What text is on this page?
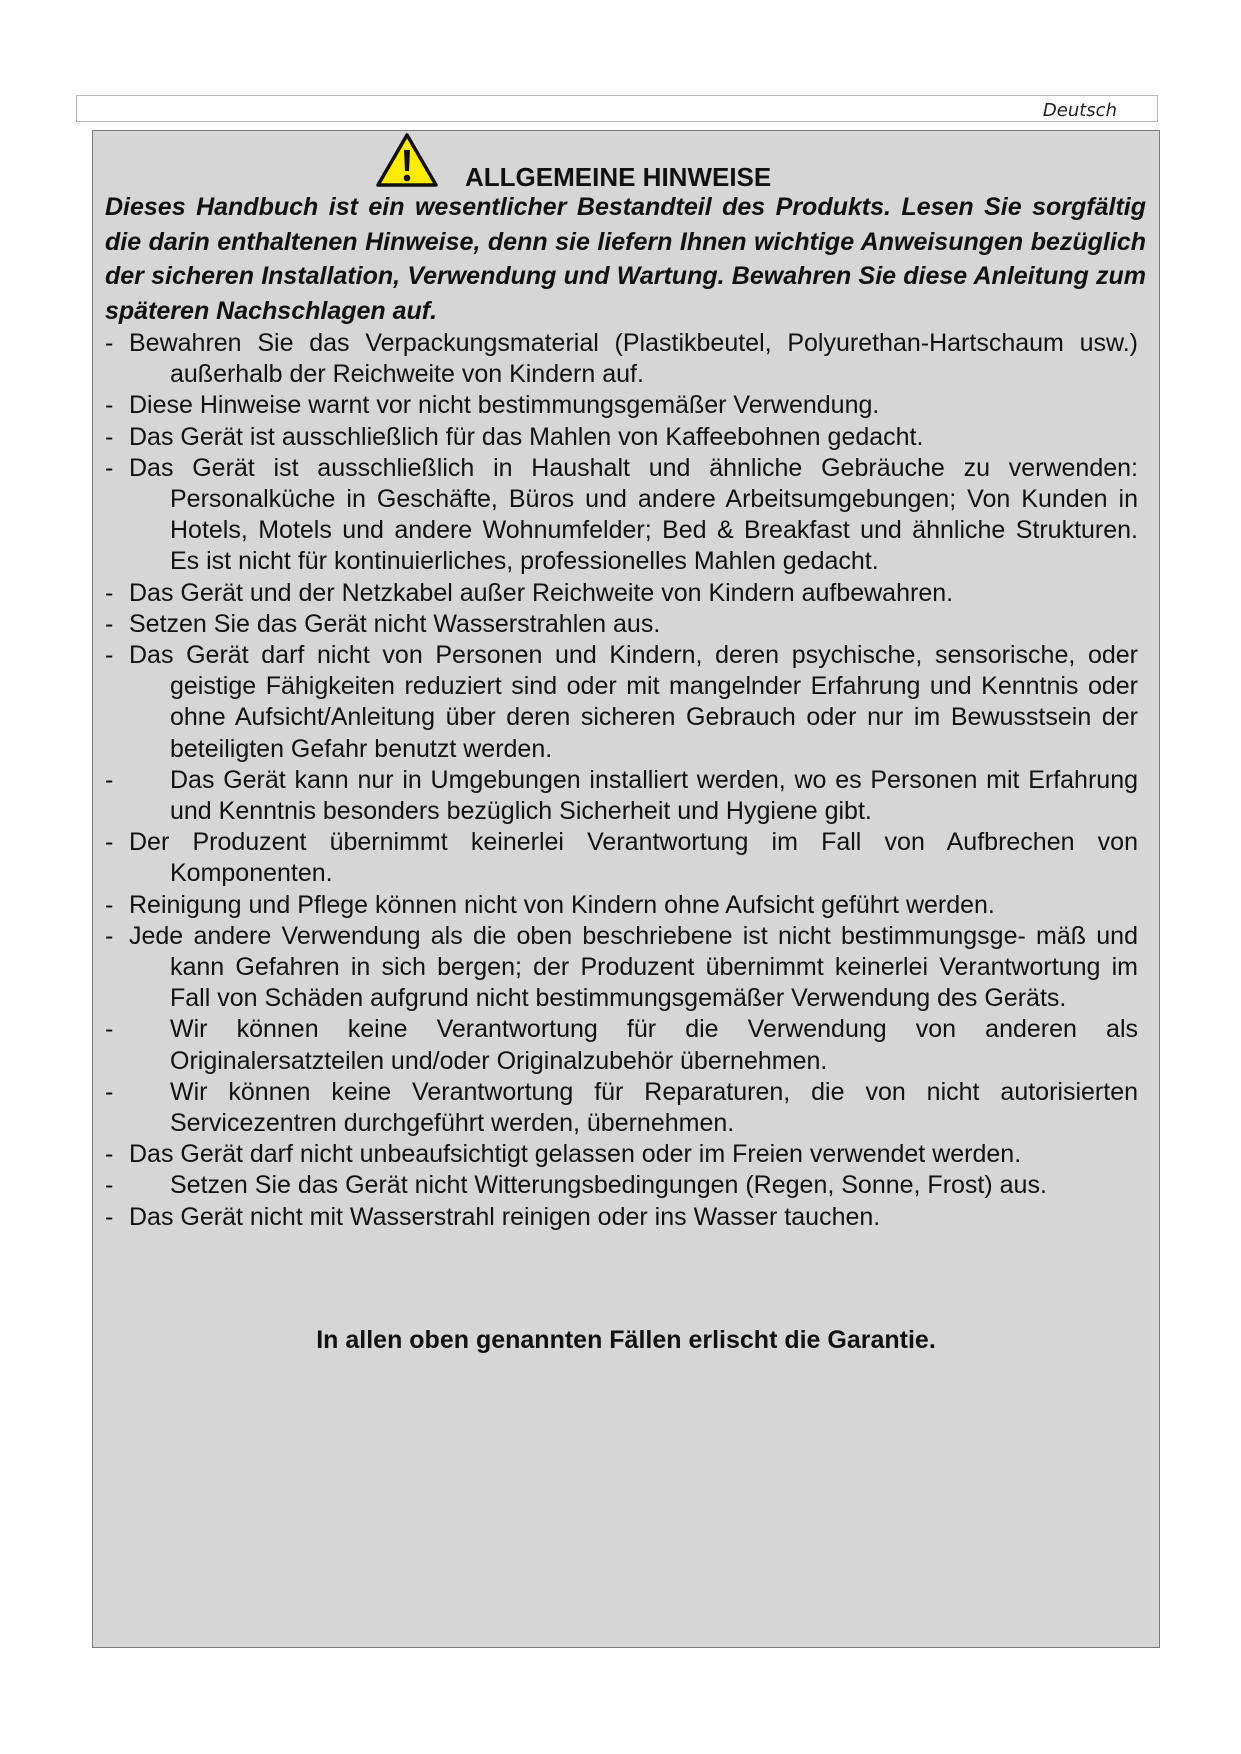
Deutsch
ALLGEMEINE HINWEISE

Dieses Handbuch ist ein wesentlicher Bestandteil des Produkts. Lesen Sie sorgfältig die darin enthaltenen Hinweise, denn sie liefern Ihnen wichtige Anweisungen bezüglich der sicheren Installation, Verwendung und Wartung. Bewahren Sie diese Anleitung zum späteren Nachschlagen auf.

- Bewahren Sie das Verpackungsmaterial (Plastikbeutel, Polyurethan-Hartschaum usw.) außerhalb der Reichweite von Kindern auf.
- Diese Hinweise warnt vor nicht bestimmungsgemäßer Verwendung.
- Das Gerät ist ausschließlich für das Mahlen von Kaffeebohnen gedacht.
- Das Gerät ist ausschließlich in Haushalt und ähnliche Gebräuche zu verwenden: Personalküche in Geschäfte, Büros und andere Arbeitsumgebungen; Von Kunden in Hotels, Motels und andere Wohnumfelder; Bed & Breakfast und ähnliche Strukturen. Es ist nicht für kontinuierliches, professionelles Mahlen gedacht.
- Das Gerät und der Netzkabel außer Reichweite von Kindern aufbewahren.
- Setzen Sie das Gerät nicht Wasserstrahlen aus.
- Das Gerät darf nicht von Personen und Kindern, deren psychische, sensorische, oder geistige Fähigkeiten reduziert sind oder mit mangelnder Erfahrung und Kenntnis oder ohne Aufsicht/Anleitung über deren sicheren Gebrauch oder nur im Bewusstsein der beteiligten Gefahr benutzt werden.
- Das Gerät kann nur in Umgebungen installiert werden, wo es Personen mit Erfahrung und Kenntnis besonders bezüglich Sicherheit und Hygiene gibt.
- Der Produzent übernimmt keinerlei Verantwortung im Fall von Aufbrechen von Komponenten.
- Reinigung und Pflege können nicht von Kindern ohne Aufsicht geführt werden.
- Jede andere Verwendung als die oben beschriebene ist nicht bestimmungsge- mäß und kann Gefahren in sich bergen; der Produzent übernimmt keinerlei Verantwortung im Fall von Schäden aufgrund nicht bestimmungsgemäßer Verwendung des Geräts.
- Wir können keine Verantwortung für die Verwendung von anderen als Originalersatzteilen und/oder Originalzubehör übernehmen.
- Wir können keine Verantwortung für Reparaturen, die von nicht autorisierten Servicezentren durchgeführt werden, übernehmen.
- Das Gerät darf nicht unbeaufsichtigt gelassen oder im Freien verwendet werden.
- Setzen Sie das Gerät nicht Witterungsbedingungen (Regen, Sonne, Frost) aus.
- Das Gerät nicht mit Wasserstrahl reinigen oder ins Wasser tauchen.

In allen oben genannten Fällen erlischt die Garantie.
